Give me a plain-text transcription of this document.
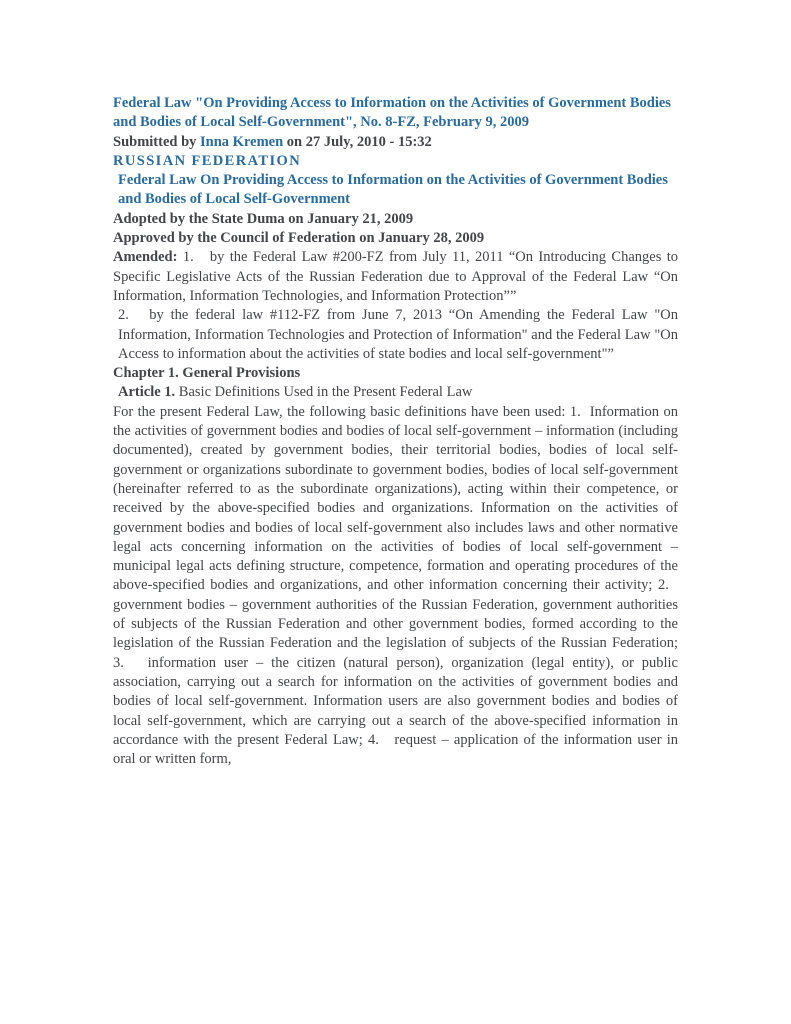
Federal Law "On Providing Access to Information on the Activities of Government Bodies and Bodies of Local Self-Government", No. 8-FZ, February 9, 2009
Submitted by Inna Kremen on 27 July, 2010 - 15:32
RUSSIAN FEDERATION
Federal Law On Providing Access to Information on the Activities of Government Bodies and Bodies of Local Self-Government
Adopted by the State Duma on January 21, 2009

Approved by the Council of Federation on January 28, 2009

Amended: 1.   by the Federal Law #200-FZ from July 11, 2011 “On Introducing Changes to Specific Legislative Acts of the Russian Federation due to Approval of the Federal Law “On Information, Information Technologies, and Information Protection””

2.   by the federal law #112-FZ from June 7, 2013 “On Amending the Federal Law "On Information, Information Technologies and Protection of Information" and the Federal Law "On Access to information about the activities of state bodies and local self-government"”

Chapter 1. General Provisions

Article 1. Basic Definitions Used in the Present Federal Law

For the present Federal Law, the following basic definitions have been used: 1.  Information on the activities of government bodies and bodies of local self-government – information (including documented), created by government bodies, their territorial bodies, bodies of local self-government or organizations subordinate to government bodies, bodies of local self-government (hereinafter referred to as the subordinate organizations), acting within their competence, or received by the above-specified bodies and organizations. Information on the activities of government bodies and bodies of local self-government also includes laws and other normative legal acts concerning information on the activities of bodies of local self-government – municipal legal acts defining structure, competence, formation and operating procedures of the above-specified bodies and organizations, and other information concerning their activity; 2.   government bodies – government authorities of the Russian Federation, government authorities of subjects of the Russian Federation and other government bodies, formed according to the legislation of the Russian Federation and the legislation of subjects of the Russian Federation; 3.   information user – the citizen (natural person), organization (legal entity), or public association, carrying out a search for information on the activities of government bodies and bodies of local self-government. Information users are also government bodies and bodies of local self-government, which are carrying out a search of the above-specified information in accordance with the present Federal Law; 4.   request – application of the information user in oral or written form,
